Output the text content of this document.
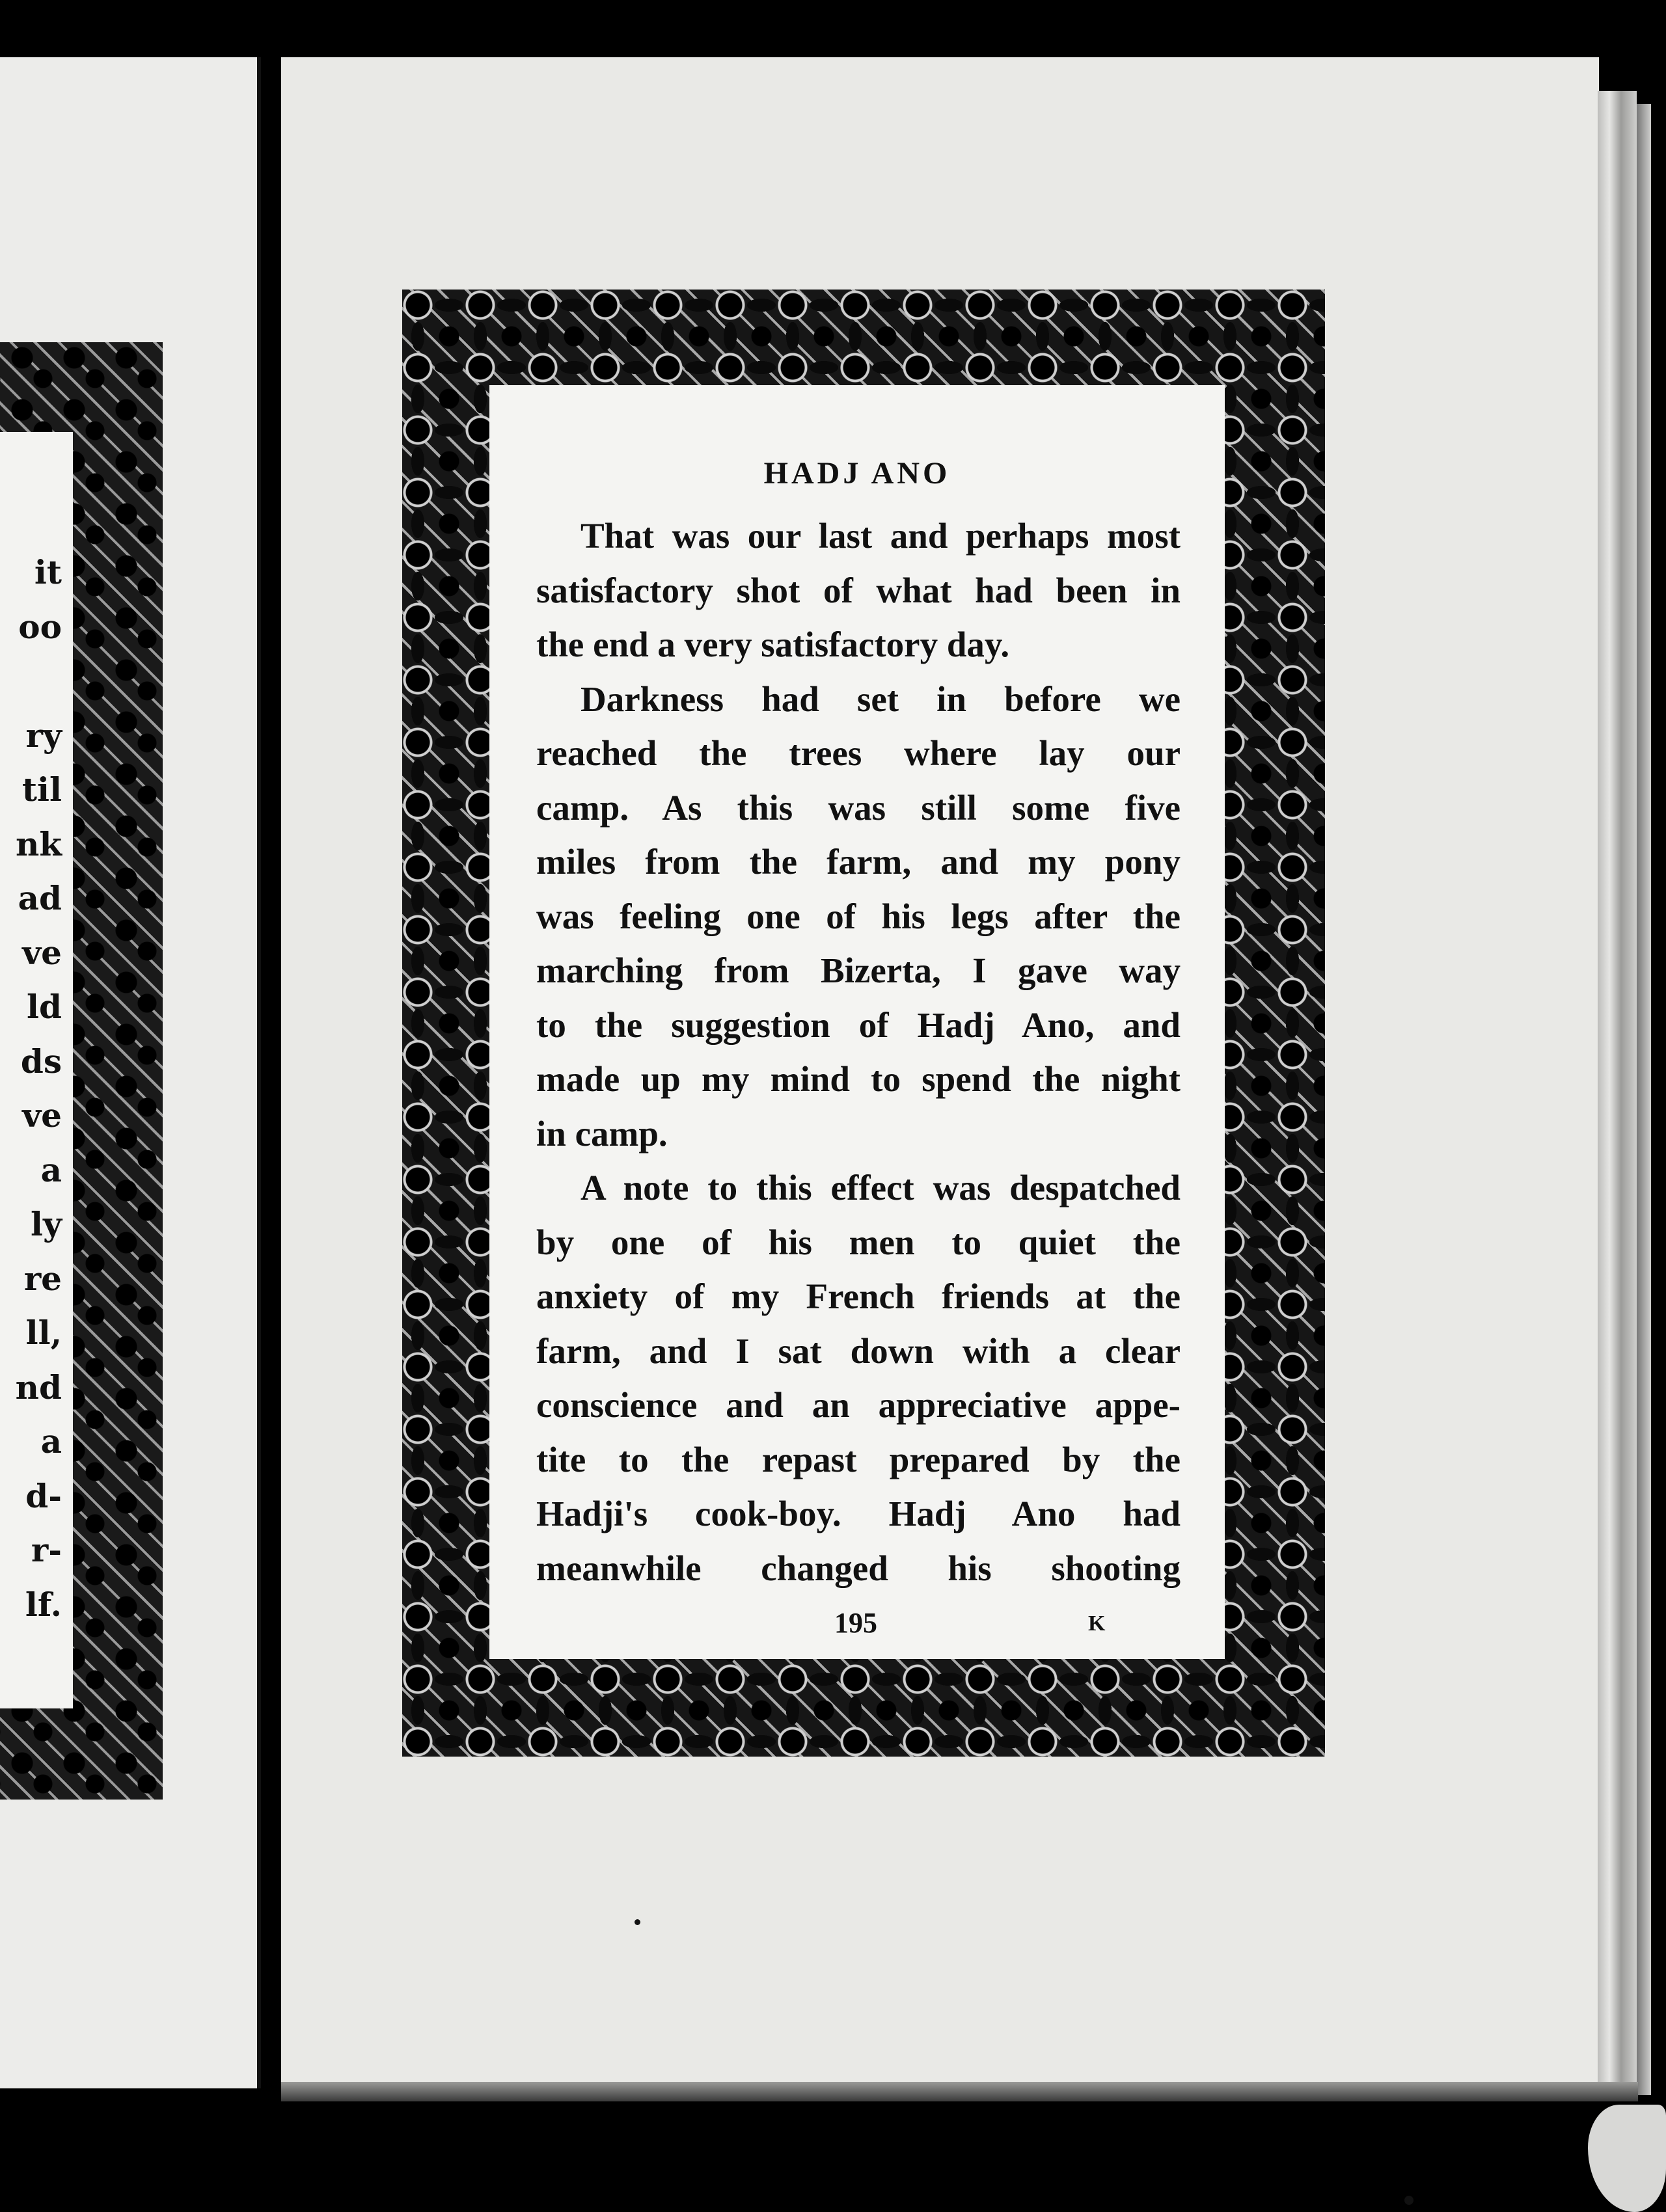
it
oo

ry
til
nk
ad
ve
ld
ds
ve
a
ly
re
ll,
nd
a
d-
r-
lf.
HADJ ANO
That was our last and perhaps most
satisfactory shot of what had been in
the end a very satisfactory day.
Darkness had set in before we
reached the trees where lay our
camp. As this was still some five
miles from the farm, and my pony
was feeling one of his legs after the
marching from Bizerta, I gave way
to the suggestion of Hadj Ano, and
made up my mind to spend the night
in camp.
A note to this effect was despatched
by one of his men to quiet the
anxiety of my French friends at the
farm, and I sat down with a clear
conscience and an appreciative appe-
tite to the repast prepared by the
Hadji's cook-boy. Hadj Ano had
meanwhile changed his shooting

195	K
